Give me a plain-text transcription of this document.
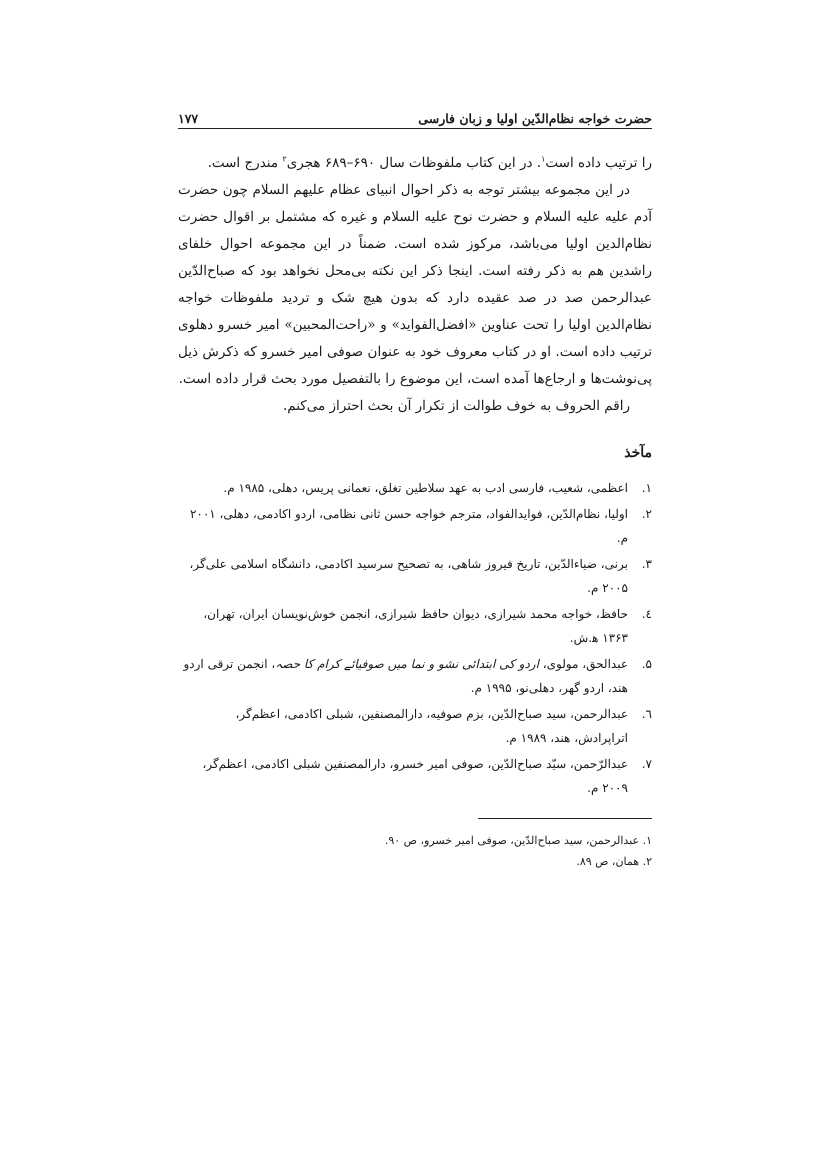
حضرت خواجه نظام‌الدّین اولیا و زبان فارسی
۱۷۷

را ترتیب داده است$^۱$. در این کتاب ملفوظات سال ۶۹۰–۶۸۹ هجری$^۲$ مندرج است.

در این مجموعه بیشتر توجه به ذکر احوال انبیای عظام علیهم السلام چون حضرت آدم علیه علیه السلام و حضرت نوح علیه السلام و غیره که مشتمل بر اقوال حضرت نظام‌الدین اولیا می‌باشد، مرکوز شده است. ضمناً در این مجموعه احوال خلفای راشدین هم به ذکر رفته است. اینجا ذکر این نکته بی‌محل نخواهد بود که صباح‌الدّین عبدالرحمن صد در صد عقیده دارد که بدون هیچ شک و تردید ملفوظات خواجه نظام‌الدین اولیا را تحت عناوین «افضل‌الفواید» و «راحت‌المحبین» امیر خسرو دهلوی ترتیب داده است. او در کتاب معروف خود به عنوان صوفی امیر خسرو که ذکرش ذیل پی‌نوشت‌ها و ارجاع‌ها آمده است، این موضوع را بالتفصیل مورد بحث قرار داده است.

راقم الحروف به خوف طوالت از تکرار آن بحث احتراز می‌کنم.

مآخذ
۱.
اعظمی، شعیب، فارسی ادب به عهد سلاطین تغلق، نعمانی پریس، دهلی، ۱۹۸۵ م.
۲.
اولیا، نظام‌الدّین، فوایدالفواد، مترجم خواجه حسن ثانی نظامی، اردو اکادمی، دهلی، ۲۰۰۱ م.
۳.
برنی، ضیاءالدّین، تاریخ فیروز شاهی، به تصحیح سرسید اکادمی، دانشگاه اسلامی علی‌گر، ۲۰۰۵ م.
٤.
حافظ، خواجه محمد شیرازی، دیوان حافظ شیرازی، انجمن خوش‌نویسان ایران، تهران، ۱۳۶۳ ه‍.ش.
۵.
عبدالحق، مولوی، اردو کی ابتدائی نشو و نما میں صوفیائے کرام کا حصہ، انجمن ترقی اردو هند، اردو گهر، دهلی‌نو، ۱۹۹۵ م.
٦.
عبدالرحمن، سید صباح‌الدّین، بزم صوفیه، دارالمصنفین، شبلی اکادمی، اعظم‌گر، اتراپرادش، هند، ۱۹۸۹ م.
۷.
عبدالرّحمن، سیّد صباح‌الدّین، صوفی امیر خسرو، دارالمصنفین شبلی اکادمی، اعظم‌گر، ۲۰۰۹ م.
۱. عبدالرحمن، سید صباح‌الدّین، صوفی امیر خسرو، ص ۹۰.
۲. همان، ص ۸۹.
